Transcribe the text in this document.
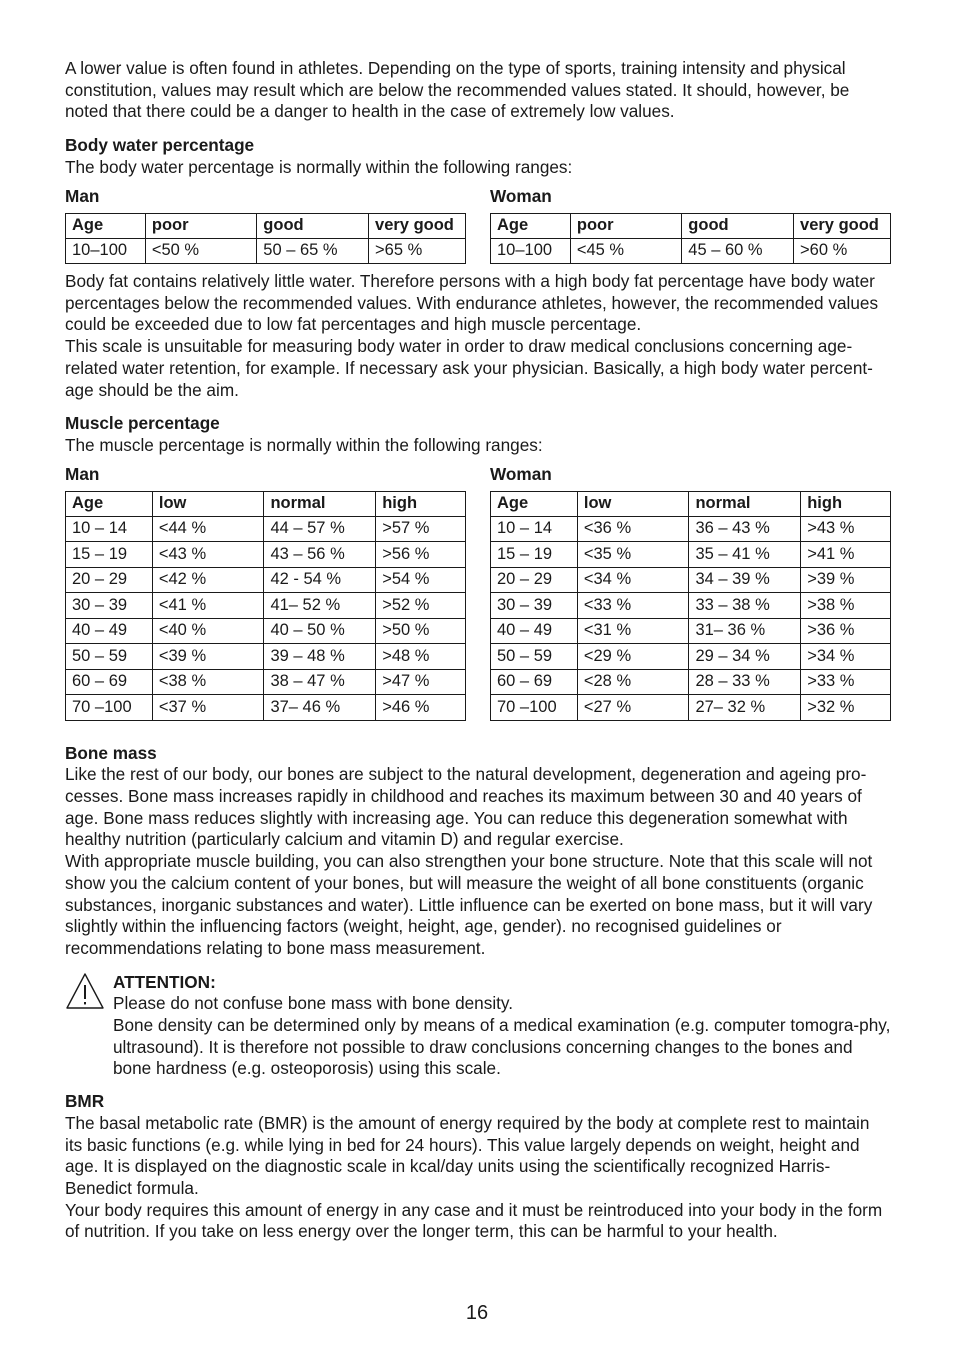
A lower value is often found in athletes. Depending on the type of sports, training intensity and physical constitution, values may result which are below the recommended values stated. It should, however, be noted that there could be a danger to health in the case of extremely low values.

Body water percentage

The body water percentage is normally within the following ranges:

Man
Age	poor	good	very good
10–100	<50 %	50 – 65 %	>65 %
Woman
Age	poor	good	very good
10–100	<45 %	45 – 60 %	>60 %

Body fat contains relatively little water. Therefore persons with a high body fat percentage have body water percentages below the recommended values. With endurance athletes, however, the recommended values could be exceeded due to low fat percentages and high muscle percentage.

This scale is unsuitable for measuring body water in order to draw medical conclusions concerning age-related water retention, for example. If necessary ask your physician. Basically, a high body water percent-age should be the aim.

Muscle percentage

The muscle percentage is normally within the following ranges:

Man
Age	low	normal	high
10 – 14	<44 %	44 – 57 %	>57 %
15 – 19	<43 %	43 – 56 %	>56 %
20 – 29	<42 %	42 - 54 %	>54 %
30 – 39	<41 %	41– 52 %	>52 %
40 – 49	<40 %	40 – 50 %	>50 %
50 – 59	<39 %	39 – 48 %	>48 %
60 – 69	<38 %	38 – 47 %	>47 %
70 –100	<37 %	37– 46 %	>46 %
Woman
Age	low	normal	high
10 – 14	<36 %	36 – 43 %	>43 %
15 – 19	<35 %	35 – 41 %	>41 %
20 – 29	<34 %	34 – 39 %	>39 %
30 – 39	<33 %	33 – 38 %	>38 %
40 – 49	<31 %	31– 36 %	>36 %
50 – 59	<29 %	29 – 34 %	>34 %
60 – 69	<28 %	28 – 33 %	>33 %
70 –100	<27 %	27– 32 %	>32 %
Bone mass

Like the rest of our body, our bones are subject to the natural development, degeneration and ageing pro-cesses. Bone mass increases rapidly in childhood and reaches its maximum between 30 and 40 years of age. Bone mass reduces slightly with increasing age. You can reduce this degeneration somewhat with healthy nutrition (particularly calcium and vitamin D) and regular exercise.

With appropriate muscle building, you can also strengthen your bone structure. Note that this scale will not show you the calcium content of your bones, but will measure the weight of all bone constituents (organic substances, inorganic substances and water). Little influence can be exerted on bone mass, but it will vary slightly within the influencing factors (weight, height, age, gender). no recognised guidelines or recommendations relating to bone mass measurement.

ATTENTION:

Please do not confuse bone mass with bone density.

Bone density can be determined only by means of a medical examination (e.g. computer tomogra-phy, ultrasound). It is therefore not possible to draw conclusions concerning changes to the bones and bone hardness (e.g. osteoporosis) using this scale.

BMR

The basal metabolic rate (BMR) is the amount of energy required by the body at complete rest to maintain its basic functions (e.g. while lying in bed for 24 hours). This value largely depends on weight, height and age. It is displayed on the diagnostic scale in kcal/day units using the scientifically recognized Harris-Benedict formula.

Your body requires this amount of energy in any case and it must be reintroduced into your body in the form of nutrition. If you take on less energy over the longer term, this can be harmful to your health.

16
